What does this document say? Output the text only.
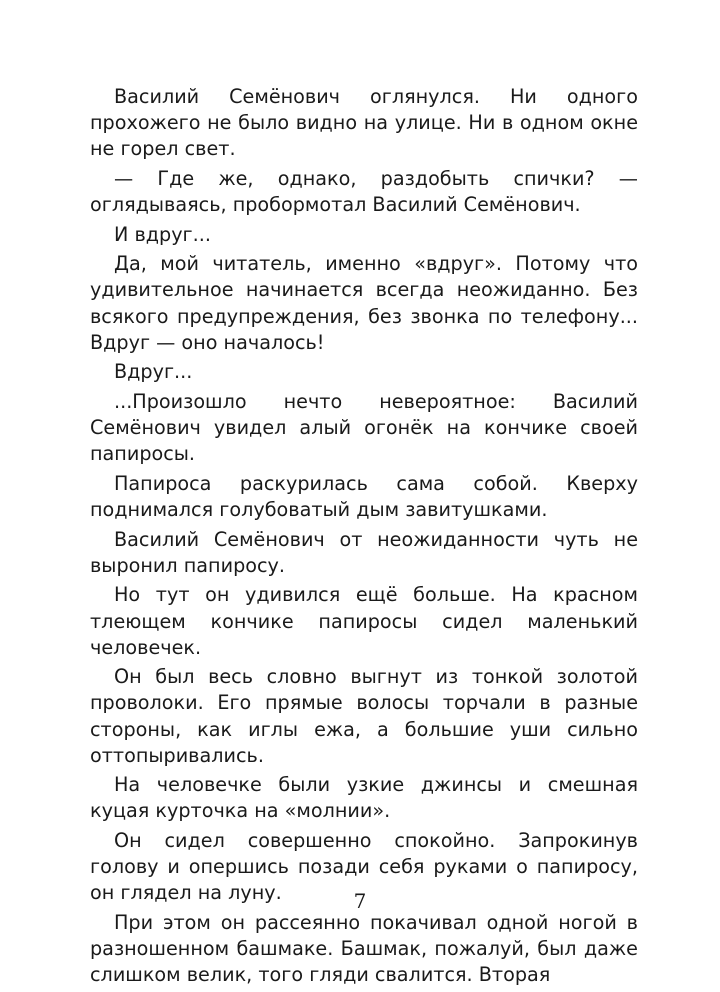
Василий Семёнович оглянулся. Ни одного прохожего не было видно на улице. Ни в одном окне не горел свет.

— Где же, однако, раздобыть спички? — оглядываясь, пробормотал Василий Семёнович.

И вдруг...

Да, мой читатель, именно «вдруг». Потому что удивительное начинается всегда неожиданно. Без всякого предупреждения, без звонка по телефону... Вдруг — оно началось!

Вдруг...

...Произошло нечто невероятное: Василий Семёнович увидел алый огонёк на кончике своей папиросы.

Папироса раскурилась сама собой. Кверху поднимался голубоватый дым завитушками.

Василий Семёнович от неожиданности чуть не выронил папиросу.

Но тут он удивился ещё больше. На красном тлеющем кончике папиросы сидел маленький человечек.

Он был весь словно выгнут из тонкой золотой проволоки. Его прямые волосы торчали в разные стороны, как иглы ежа, а большие уши сильно оттопыривались.

На человечке были узкие джинсы и смешная куцая курточка на «молнии».

Он сидел совершенно спокойно. Запрокинув голову и опершись позади себя руками о папиросу, он глядел на луну.

При этом он рассеянно покачивал одной ногой в разношенном башмаке. Башмак, пожалуй, был даже слишком велик, того гляди свалится. Вторая

7
